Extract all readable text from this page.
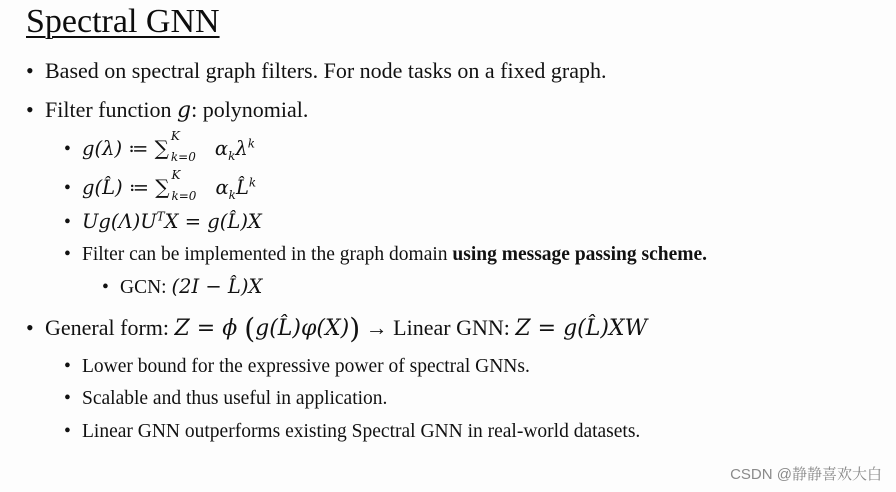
Spectral GNN
• Based on spectral graph filters. For node tasks on a fixed graph.
• Filter function g: polynomial.
• g(λ) ≔ ∑ K
k=0 $\alpha_k\lambda^k$
• g(L̂) ≔ ∑ K
k=0 $\alpha_kL̂^k$
• $Ug(\Lambda)U^TX$ = g(L̂)X
• Filter can be implemented in the graph domain using message passing scheme.
• GCN: (2I − L̂)X
• General form: Z = ϕ (g(L̂)φ(X)) → Linear GNN: Z = g(L̂)XW
• Lower bound for the expressive power of spectral GNNs.
• Scalable and thus useful in application.
• Linear GNN outperforms existing Spectral GNN in real-world datasets.
CSDN @静静喜欢大白
